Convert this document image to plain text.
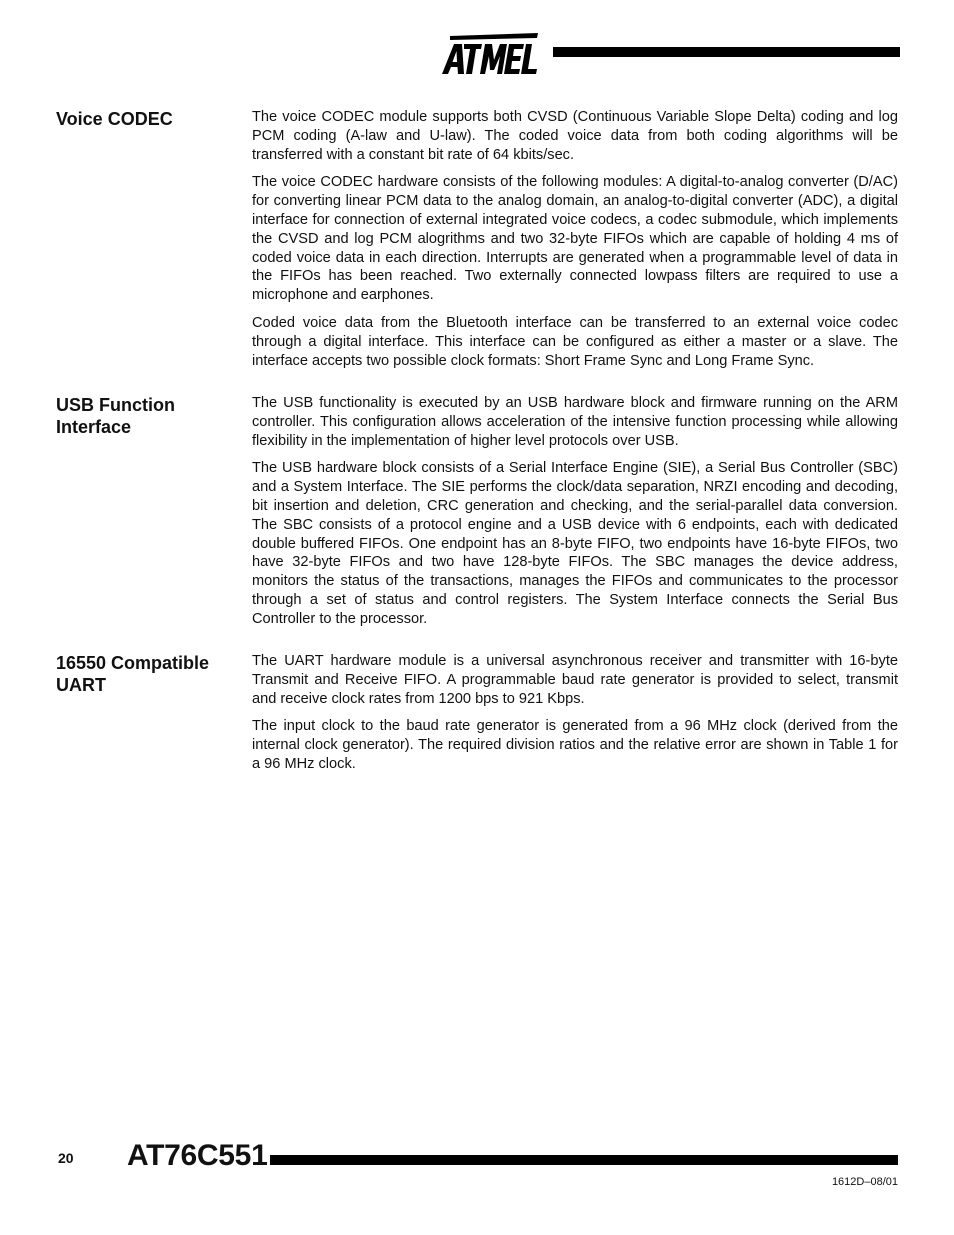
Voice CODEC	The voice CODEC module supports both CVSD (Continuous Variable Slope Delta) coding and log PCM coding (A-law and U-law). The coded voice data from both coding algorithms will be transferred with a constant bit rate of 64 kbits/sec.

The voice CODEC hardware consists of the following modules: A digital-to-analog converter (D/AC) for converting linear PCM data to the analog domain, an analog-to-digital converter (ADC), a digital interface for connection of external integrated voice codecs, a codec submodule, which implements the CVSD and log PCM alogrithms and two 32-byte FIFOs which are capable of holding 4 ms of coded voice data in each direction. Interrupts are generated when a programmable level of data in the FIFOs has been reached. Two externally connected lowpass filters are required to use a microphone and earphones.

Coded voice data from the Bluetooth interface can be transferred to an external voice codec through a digital interface. This interface can be configured as either a master or a slave. The interface accepts two possible clock formats: Short Frame Sync and Long Frame Sync.

USB Function Interface

The USB functionality is executed by an USB hardware block and firmware running on the ARM controller. This configuration allows acceleration of the intensive function processing while allowing flexibility in the implementation of higher level protocols over USB.

The USB hardware block consists of a Serial Interface Engine (SIE), a Serial Bus Controller (SBC) and a System Interface. The SIE performs the clock/data separation, NRZI encoding and decoding, bit insertion and deletion, CRC generation and checking, and the serial-parallel data conversion. The SBC consists of a protocol engine and a USB device with 6 endpoints, each with dedicated double buffered FIFOs. One endpoint has an 8-byte FIFO, two endpoints have 16-byte FIFOs, two have 32-byte FIFOs and two have 128-byte FIFOs. The SBC manages the device address, monitors the status of the transactions, manages the FIFOs and communicates to the processor through a set of status and control registers. The System Interface connects the Serial Bus Controller to the processor.

16550 Compatible UART

The UART hardware module is a universal asynchronous receiver and transmitter with 16-byte Transmit and Receive FIFO. A programmable baud rate generator is provided to select, transmit and receive clock rates from 1200 bps to 921 Kbps.

The input clock to the baud rate generator is generated from a 96 MHz clock (derived from the internal clock generator). The required division ratios and the relative error are shown in Table 1 for a 96 MHz clock.

20 AT76C551
1612D–08/01
